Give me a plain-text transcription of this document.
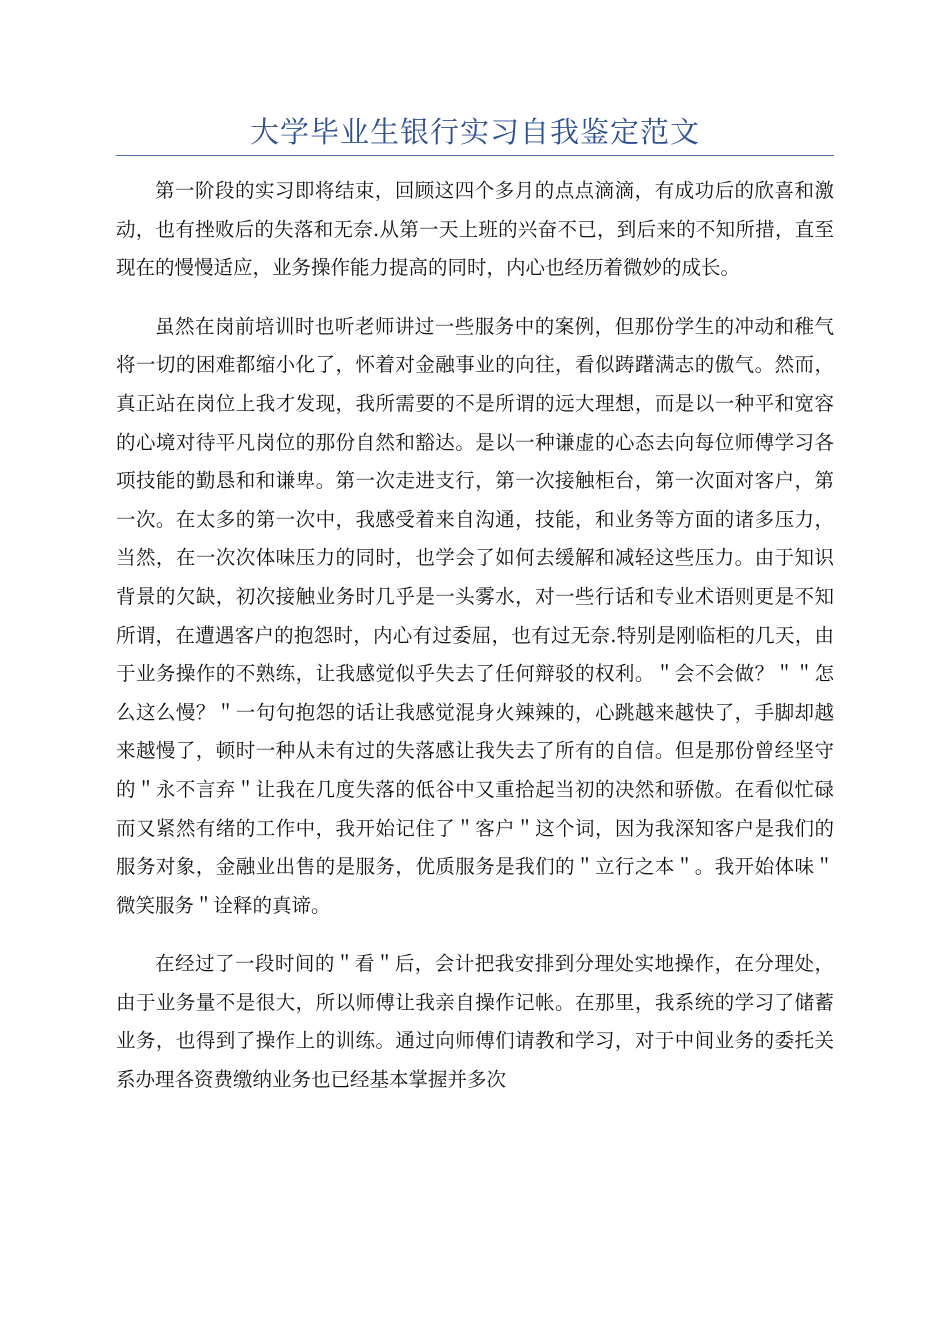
大学毕业生银行实习自我鉴定范文

第一阶段的实习即将结束，回顾这四个多月的点点滴滴，有成功后的欣喜和激动，也有挫败后的失落和无奈.从第一天上班的兴奋不已，到后来的不知所措，直至现在的慢慢适应，业务操作能力提高的同时，内心也经历着微妙的成长。

虽然在岗前培训时也听老师讲过一些服务中的案例，但那份学生的冲动和稚气将一切的困难都缩小化了，怀着对金融事业的向往，看似踌躇满志的傲气。然而，真正站在岗位上我才发现，我所需要的不是所谓的远大理想，而是以一种平和宽容的心境对待平凡岗位的那份自然和豁达。是以一种谦虚的心态去向每位师傅学习各项技能的勤恳和和谦卑。第一次走进支行，第一次接触柜台，第一次面对客户，第一次。在太多的第一次中，我感受着来自沟通，技能，和业务等方面的诸多压力，当然，在一次次体味压力的同时，也学会了如何去缓解和减轻这些压力。由于知识背景的欠缺，初次接触业务时几乎是一头雾水，对一些行话和专业术语则更是不知所谓，在遭遇客户的抱怨时，内心有过委屈，也有过无奈.特别是刚临柜的几天，由于业务操作的不熟练，让我感觉似乎失去了任何辩驳的权利。＂会不会做？＂＂怎么这么慢？＂一句句抱怨的话让我感觉混身火辣辣的，心跳越来越快了，手脚却越来越慢了，顿时一种从未有过的失落感让我失去了所有的自信。但是那份曾经坚守的＂永不言弃＂让我在几度失落的低谷中又重拾起当初的决然和骄傲。在看似忙碌而又紧然有绪的工作中，我开始记住了＂客户＂这个词，因为我深知客户是我们的服务对象，金融业出售的是服务，优质服务是我们的＂立行之本＂。我开始体味＂微笑服务＂诠释的真谛。

在经过了一段时间的＂看＂后，会计把我安排到分理处实地操作，在分理处，由于业务量不是很大，所以师傅让我亲自操作记帐。在那里，我系统的学习了储蓄业务，也得到了操作上的训练。通过向师傅们请教和学习，对于中间业务的委托关系办理各资费缴纳业务也已经基本掌握并多次
